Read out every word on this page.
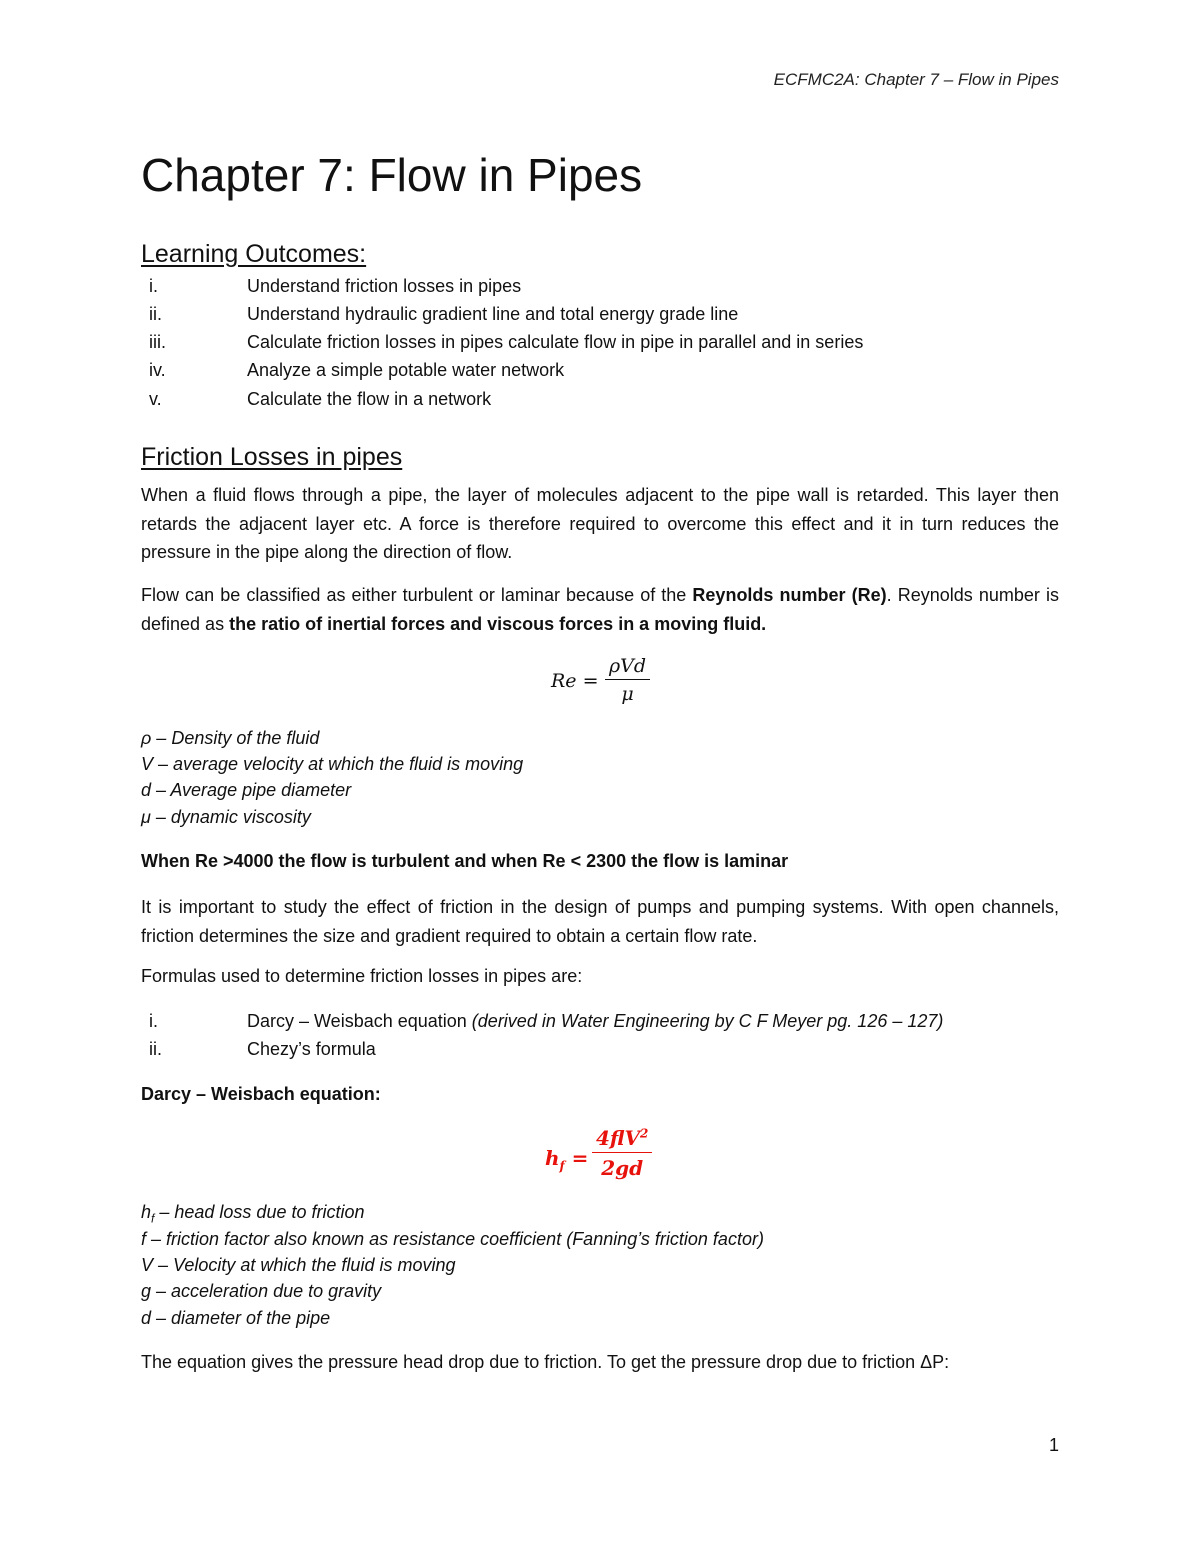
ECFMC2A: Chapter 7 – Flow in Pipes
Chapter 7: Flow in Pipes
Learning Outcomes:
i.	Understand friction losses in pipes
ii.	Understand hydraulic gradient line and total energy grade line
iii.	Calculate friction losses in pipes calculate flow in pipe in parallel and in series
iv.	Analyze a simple potable water network
v.	Calculate the flow in a network
Friction Losses in pipes
When a fluid flows through a pipe, the layer of molecules adjacent to the pipe wall is retarded. This layer then retards the adjacent layer etc. A force is therefore required to overcome this effect and it in turn reduces the pressure in the pipe along the direction of flow.
Flow can be classified as either turbulent or laminar because of the Reynolds number (Re). Reynolds number is defined as the ratio of inertial forces and viscous forces in a moving fluid.
Re =
ρVd
μ
ρ – Density of the fluid
V – average velocity at which the fluid is moving
d – Average pipe diameter
μ – dynamic viscosity
When Re >4000 the flow is turbulent and when Re < 2300 the flow is laminar
It is important to study the effect of friction in the design of pumps and pumping systems. With open channels, friction determines the size and gradient required to obtain a certain flow rate.
Formulas used to determine friction losses in pipes are:
i.	Darcy – Weisbach equation (derived in Water Engineering by C F Meyer pg. 126 – 127)
ii.	Chezy’s formula
Darcy – Weisbach equation:
$h_f$ =
4flV$^2$
2gd
$h_f$ – head loss due to friction
f – friction factor also known as resistance coefficient (Fanning’s friction factor)
V – Velocity at which the fluid is moving
g – acceleration due to gravity
d – diameter of the pipe
The equation gives the pressure head drop due to friction. To get the pressure drop due to friction ΔP:
1
